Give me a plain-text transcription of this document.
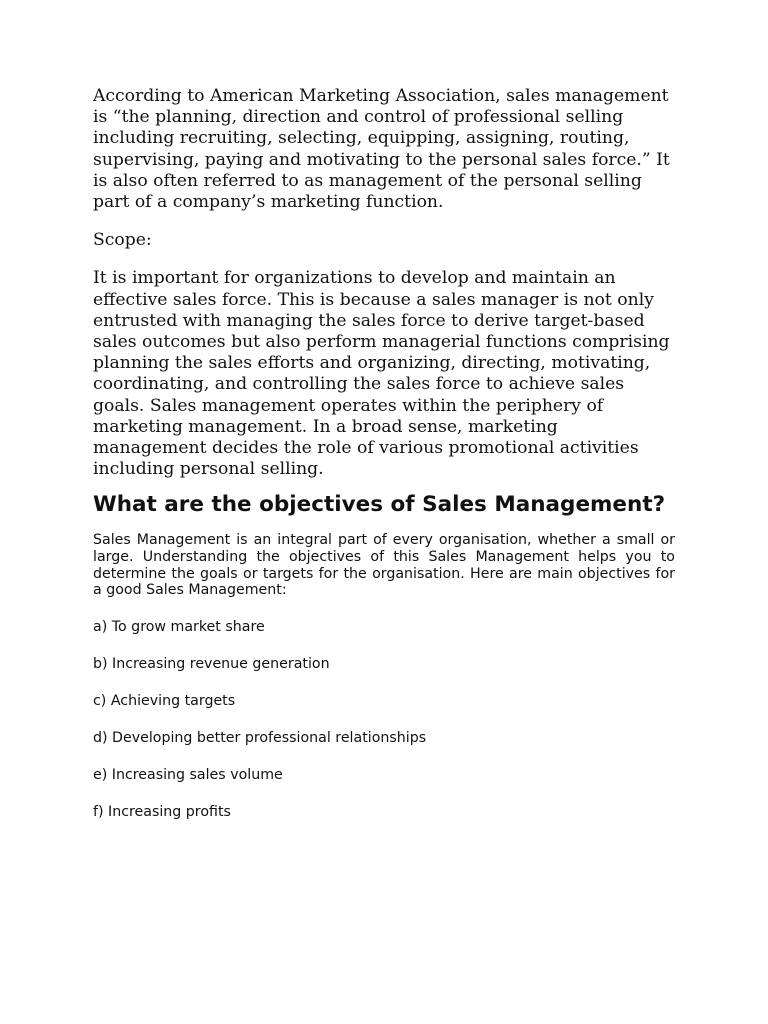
According to American Marketing Association, sales management is “the planning, direction and control of professional selling including recruiting, selecting, equipping, assigning, routing, supervising, paying and motivating to the personal sales force.” It is also often referred to as management of the personal selling part of a company’s marketing function.

Scope:

It is important for organizations to develop and maintain an effective sales force. This is because a sales manager is not only entrusted with managing the sales force to derive target-based sales outcomes but also perform managerial functions comprising planning the sales efforts and organizing, directing, motivating, coordinating, and controlling the sales force to achieve sales goals. Sales management operates within the periphery of marketing management. In a broad sense, marketing management decides the role of various promotional activities including personal selling.

What are the objectives of Sales Management?

Sales Management is an integral part of every organisation, whether a small or large. Understanding the objectives of this Sales Management helps you to determine the goals or targets for the organisation. Here are main objectives for a good Sales Management:

a) To grow market share
b) Increasing revenue generation
c) Achieving targets
d) Developing better professional relationships
e) Increasing sales volume
f) Increasing profits
